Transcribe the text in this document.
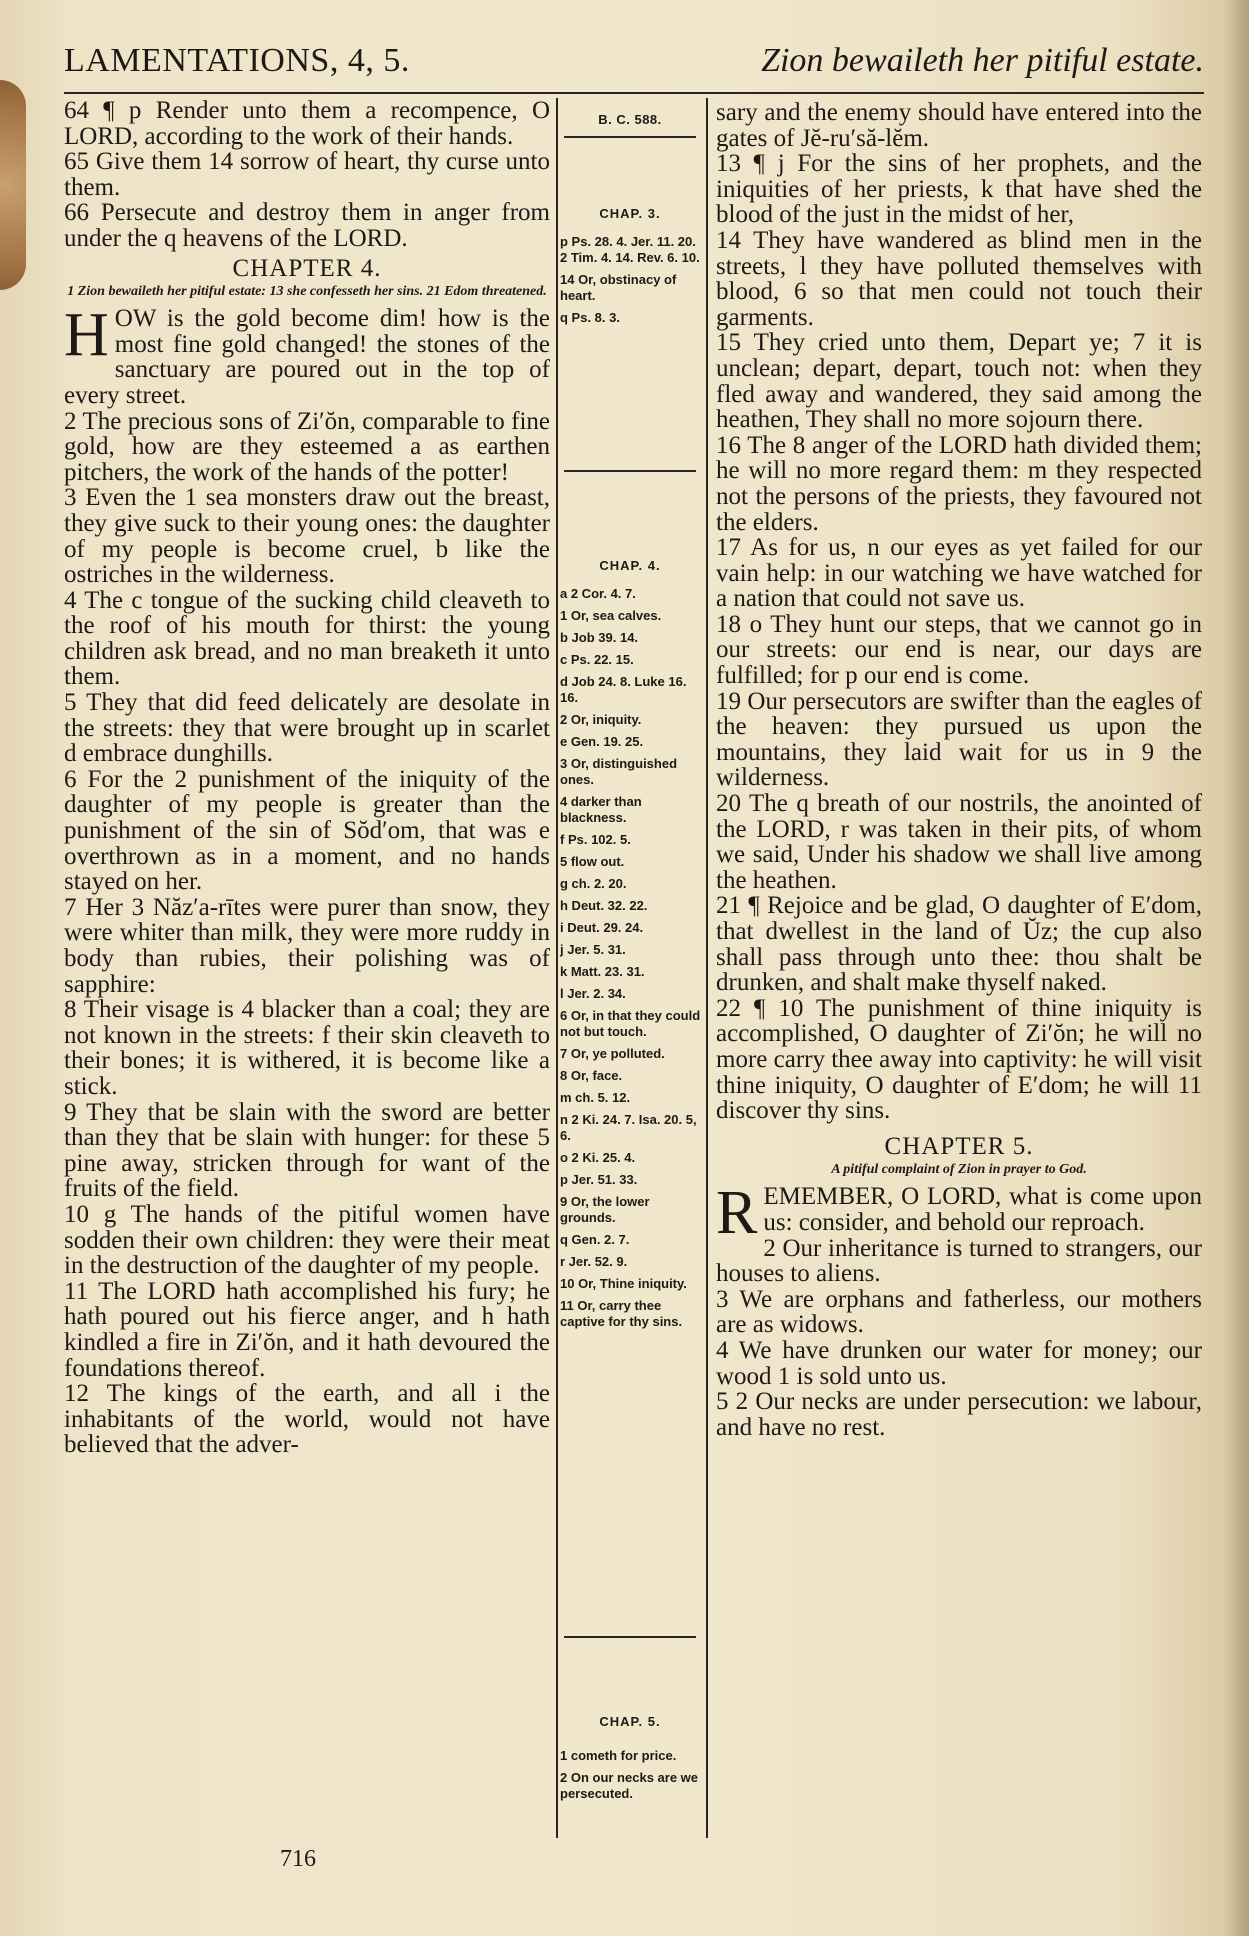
LAMENTATIONS, 4, 5.	Zion bewaileth her pitiful estate.

64 ¶ p Render unto them a recompence, O LORD, according to the work of their hands.

65 Give them 14 sorrow of heart, thy curse unto them.

66 Persecute and destroy them in anger from under the q heavens of the LORD.

CHAPTER 4.
1 Zion bewaileth her pitiful estate: 13 she confesseth her sins. 21 Edom threatened.

HOW is the gold become dim! how is the most fine gold changed! the stones of the sanctuary are poured out in the top of every street.

2 The precious sons of Zi′ŏn, comparable to fine gold, how are they esteemed a as earthen pitchers, the work of the hands of the potter!

3 Even the 1 sea monsters draw out the breast, they give suck to their young ones: the daughter of my people is become cruel, b like the ostriches in the wilderness.

4 The c tongue of the sucking child cleaveth to the roof of his mouth for thirst: the young children ask bread, and no man breaketh it unto them.

5 They that did feed delicately are desolate in the streets: they that were brought up in scarlet d embrace dunghills.

6 For the 2 punishment of the iniquity of the daughter of my people is greater than the punishment of the sin of Sŏd′om, that was e overthrown as in a moment, and no hands stayed on her.

7 Her 3 Năz′a-rītes were purer than snow, they were whiter than milk, they were more ruddy in body than rubies, their polishing was of sapphire:

8 Their visage is 4 blacker than a coal; they are not known in the streets: f their skin cleaveth to their bones; it is withered, it is become like a stick.

9 They that be slain with the sword are better than they that be slain with hunger: for these 5 pine away, stricken through for want of the fruits of the field.

10 g The hands of the pitiful women have sodden their own children: they were their meat in the destruction of the daughter of my people.

11 The LORD hath accomplished his fury; he hath poured out his fierce anger, and h hath kindled a fire in Zi′ŏn, and it hath devoured the foundations thereof.

12 The kings of the earth, and all i the inhabitants of the world, would not have believed that the adver-

B. C. 588.
CHAP. 3.
p Ps. 28. 4. Jer. 11. 20. 2 Tim. 4. 14. Rev. 6. 10.
14 Or, obstinacy of heart.
q Ps. 8. 3.
CHAP. 4.
a 2 Cor. 4. 7.
1 Or, sea calves.
b Job 39. 14.
c Ps. 22. 15.
d Job 24. 8. Luke 16. 16.
2 Or, iniquity.
e Gen. 19. 25.
3 Or, distinguished ones.
4 darker than blackness.
f Ps. 102. 5.
5 flow out.
g ch. 2. 20.
h Deut. 32. 22.
i Deut. 29. 24.
j Jer. 5. 31.
k Matt. 23. 31.
l Jer. 2. 34.
6 Or, in that they could not but touch.
7 Or, ye polluted.
8 Or, face.
m ch. 5. 12.
n 2 Ki. 24. 7. Isa. 20. 5, 6.
o 2 Ki. 25. 4.
p Jer. 51. 33.
9 Or, the lower grounds.
q Gen. 2. 7.
r Jer. 52. 9.
10 Or, Thine iniquity.
11 Or, carry thee captive for thy sins.
CHAP. 5.
1 cometh for price.
2 On our necks are we persecuted.

sary and the enemy should have entered into the gates of Jĕ-ru′să-lĕm.

13 ¶ j For the sins of her prophets, and the iniquities of her priests, k that have shed the blood of the just in the midst of her,

14 They have wandered as blind men in the streets, l they have polluted themselves with blood, 6 so that men could not touch their garments.

15 They cried unto them, Depart ye; 7 it is unclean; depart, depart, touch not: when they fled away and wandered, they said among the heathen, They shall no more sojourn there.

16 The 8 anger of the LORD hath divided them; he will no more regard them: m they respected not the persons of the priests, they favoured not the elders.

17 As for us, n our eyes as yet failed for our vain help: in our watching we have watched for a nation that could not save us.

18 o They hunt our steps, that we cannot go in our streets: our end is near, our days are fulfilled; for p our end is come.

19 Our persecutors are swifter than the eagles of the heaven: they pursued us upon the mountains, they laid wait for us in 9 the wilderness.

20 The q breath of our nostrils, the anointed of the LORD, r was taken in their pits, of whom we said, Under his shadow we shall live among the heathen.

21 ¶ Rejoice and be glad, O daughter of E′dom, that dwellest in the land of Ŭz; the cup also shall pass through unto thee: thou shalt be drunken, and shalt make thyself naked.

22 ¶ 10 The punishment of thine iniquity is accomplished, O daughter of Zi′ŏn; he will no more carry thee away into captivity: he will visit thine iniquity, O daughter of E′dom; he will 11 discover thy sins.

CHAPTER 5.
A pitiful complaint of Zion in prayer to God.

REMEMBER, O LORD, what is come upon us: consider, and behold our reproach.

2 Our inheritance is turned to strangers, our houses to aliens.

3 We are orphans and fatherless, our mothers are as widows.

4 We have drunken our water for money; our wood 1 is sold unto us.

5 2 Our necks are under persecution: we labour, and have no rest.

716
